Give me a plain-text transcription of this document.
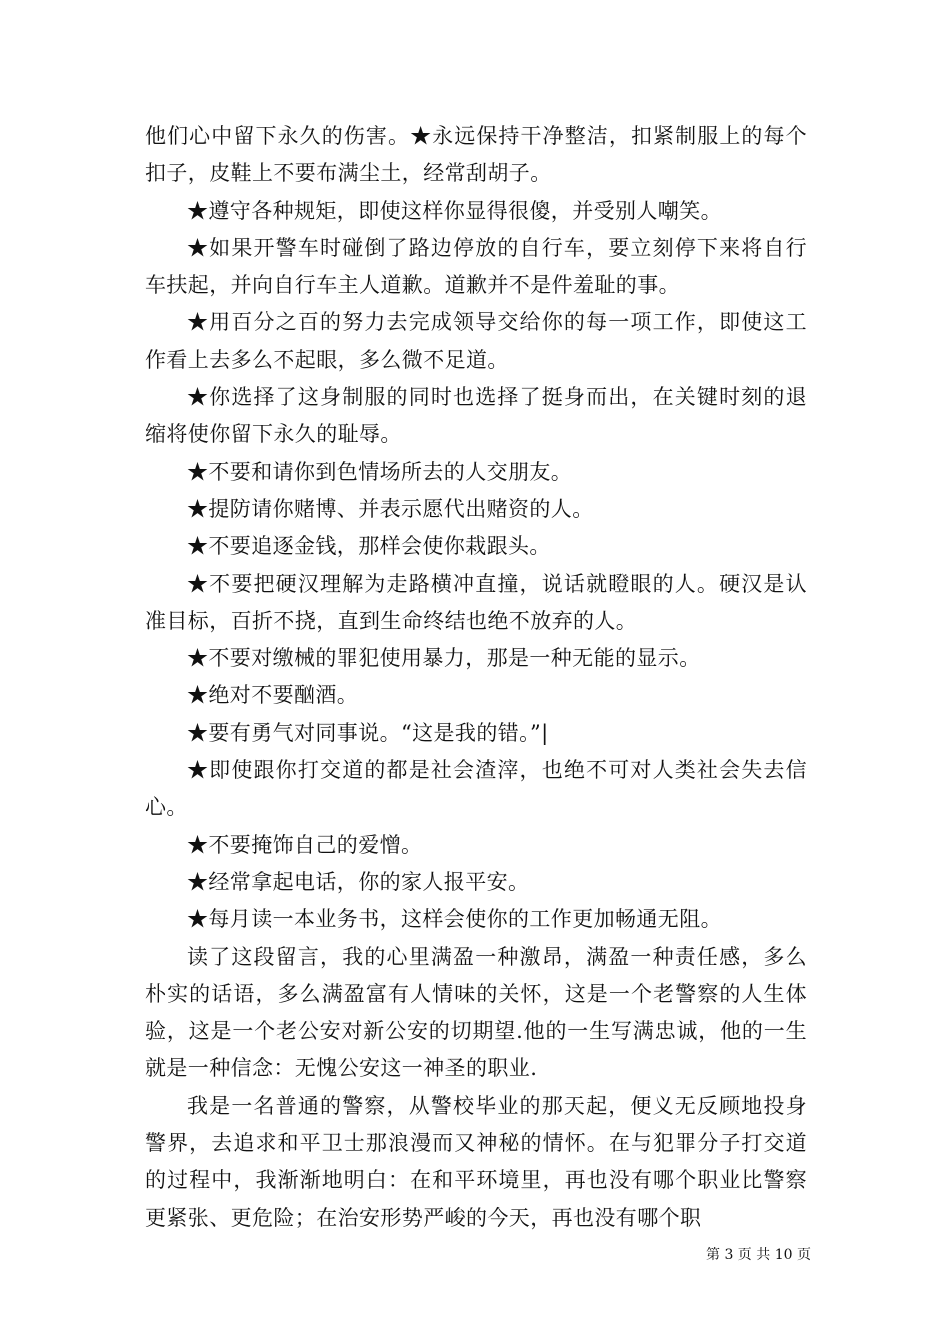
他们心中留下永久的伤害。★永远保持干净整洁，扣紧制服上的每个扣子，皮鞋上不要布满尘土，经常刮胡子。

★遵守各种规矩，即使这样你显得很傻，并受别人嘲笑。

★如果开警车时碰倒了路边停放的自行车，要立刻停下来将自行车扶起，并向自行车主人道歉。道歉并不是件羞耻的事。

★用百分之百的努力去完成领导交给你的每一项工作，即使这工作看上去多么不起眼，多么微不足道。

★你选择了这身制服的同时也选择了挺身而出，在关键时刻的退缩将使你留下永久的耻辱。

★不要和请你到色情场所去的人交朋友。

★提防请你赌博、并表示愿代出赌资的人。

★不要追逐金钱，那样会使你栽跟头。

★不要把硬汉理解为走路横冲直撞，说话就瞪眼的人。硬汉是认准目标，百折不挠，直到生命终结也绝不放弃的人。

★不要对缴械的罪犯使用暴力，那是一种无能的显示。

★绝对不要酗酒。

★要有勇气对同事说。“这是我的错。”|

★即使跟你打交道的都是社会渣滓，也绝不可对人类社会失去信心。

★不要掩饰自己的爱憎。

★经常拿起电话，你的家人报平安。

★每月读一本业务书，这样会使你的工作更加畅通无阻。

读了这段留言，我的心里满盈一种激昂，满盈一种责任感，多么朴实的话语，多么满盈富有人情味的关怀，这是一个老警察的人生体验，这是一个老公安对新公安的切期望.他的一生写满忠诚，他的一生就是一种信念：无愧公安这一神圣的职业.

我是一名普通的警察，从警校毕业的那天起，便义无反顾地投身警界，去追求和平卫士那浪漫而又神秘的情怀。在与犯罪分子打交道的过程中，我渐渐地明白：在和平环境里，再也没有哪个职业比警察更紧张、更危险；在治安形势严峻的今天，再也没有哪个职

第 3 页 共 10 页
